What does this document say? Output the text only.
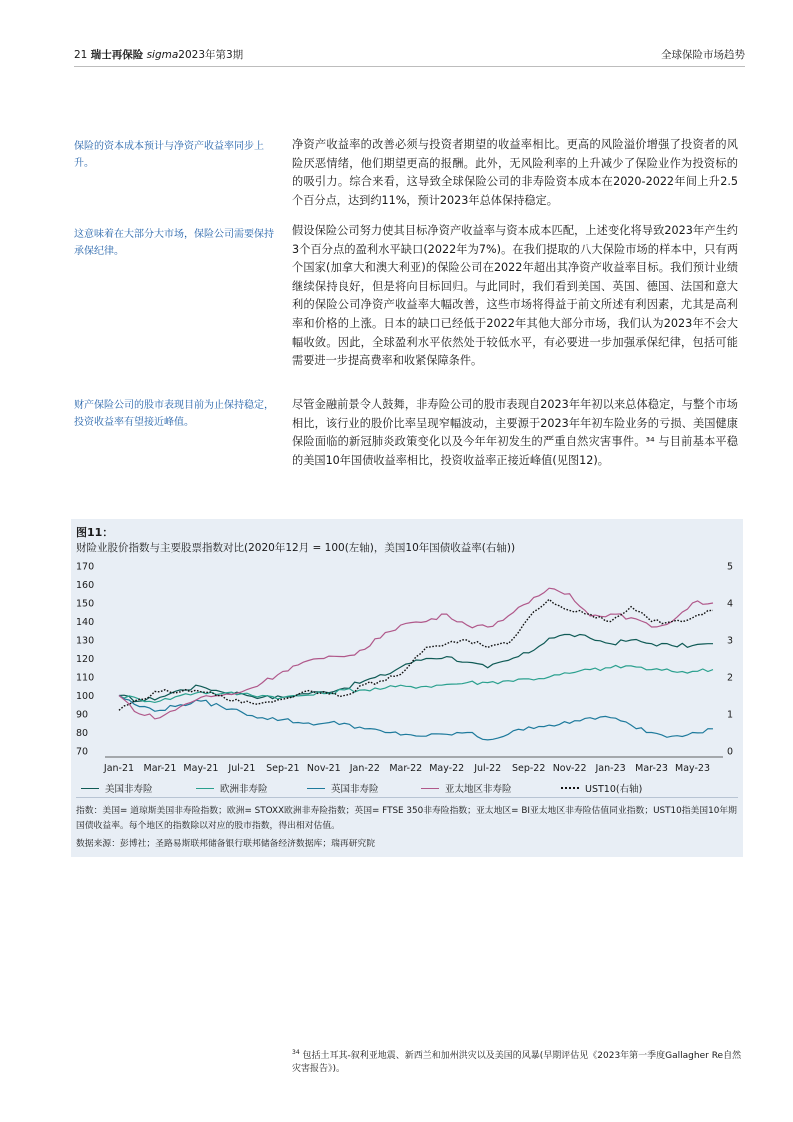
21 瑞士再保险 sigma2023年第3期	全球保险市场趋势
保险的资本成本预计与净资产收益率同步上升。
净资产收益率的改善必须与投资者期望的收益率相比。更高的风险溢价增强了投资者的风险厌恶情绪，他们期望更高的报酬。此外，无风险利率的上升减少了保险业作为投资标的的吸引力。综合来看，这导致全球保险公司的非寿险资本成本在2020-2022年间上升2.5个百分点，达到约11%，预计2023年总体保持稳定。
这意味着在大部分大市场，保险公司需要保持承保纪律。
假设保险公司努力使其目标净资产收益率与资本成本匹配，上述变化将导致2023年产生约3个百分点的盈利水平缺口(2022年为7%)。在我们提取的八大保险市场的样本中，只有两个国家(加拿大和澳大利亚)的保险公司在2022年超出其净资产收益率目标。我们预计业绩继续保持良好，但是将向目标回归。与此同时，我们看到美国、英国、德国、法国和意大利的保险公司净资产收益率大幅改善，这些市场将得益于前文所述有利因素，尤其是高利率和价格的上涨。日本的缺口已经低于2022年其他大部分市场，我们认为2023年不会大幅收敛。因此，全球盈利水平依然处于较低水平，有必要进一步加强承保纪律，包括可能需要进一步提高费率和收紧保障条件。
财产保险公司的股市表现目前为止保持稳定，投资收益率有望接近峰值。
尽管金融前景令人鼓舞，非寿险公司的股市表现自2023年年初以来总体稳定，与整个市场相比，该行业的股价比率呈现窄幅波动，主要源于2023年年初车险业务的亏损、美国健康保险面临的新冠肺炎政策变化以及今年年初发生的严重自然灾害事件。³⁴ 与目前基本平稳的美国10年国债收益率相比，投资收益率正接近峰值(见图12)。
图11：
财险业股价指数与主要股票指数对比(2020年12月 = 100(左轴)，美国10年国债收益率(右轴))
170
160
150
140
130
120
110
100
90
80
70
5
4
3
2
1
0
Jan-21 Mar-21 May-21 Jul-21 Sep-21 Nov-21 Jan-22 Mar-22 May-22 Jul-22 Sep-22 Nov-22 Jan-23 Mar-23 May-23
美国非寿险	欧洲非寿险	英国非寿险	亚太地区非寿险	UST10(右轴)
指数：美国= 道琼斯美国非寿险指数；欧洲= STOXX欧洲非寿险指数；英国= FTSE 350非寿险指数；亚太地区= BI亚太地区非寿险估值同业指数；UST10指美国10年期国债收益率。每个地区的指数除以对应的股市指数，得出相对估值。
数据来源：彭博社；圣路易斯联邦储备银行联邦储备经济数据库；瑞再研究院
$^{34}$ 包括土耳其-叙利亚地震、新西兰和加州洪灾以及美国的风暴(早期评估见《2023年第一季度Gallagher Re自然灾害报告》)。
